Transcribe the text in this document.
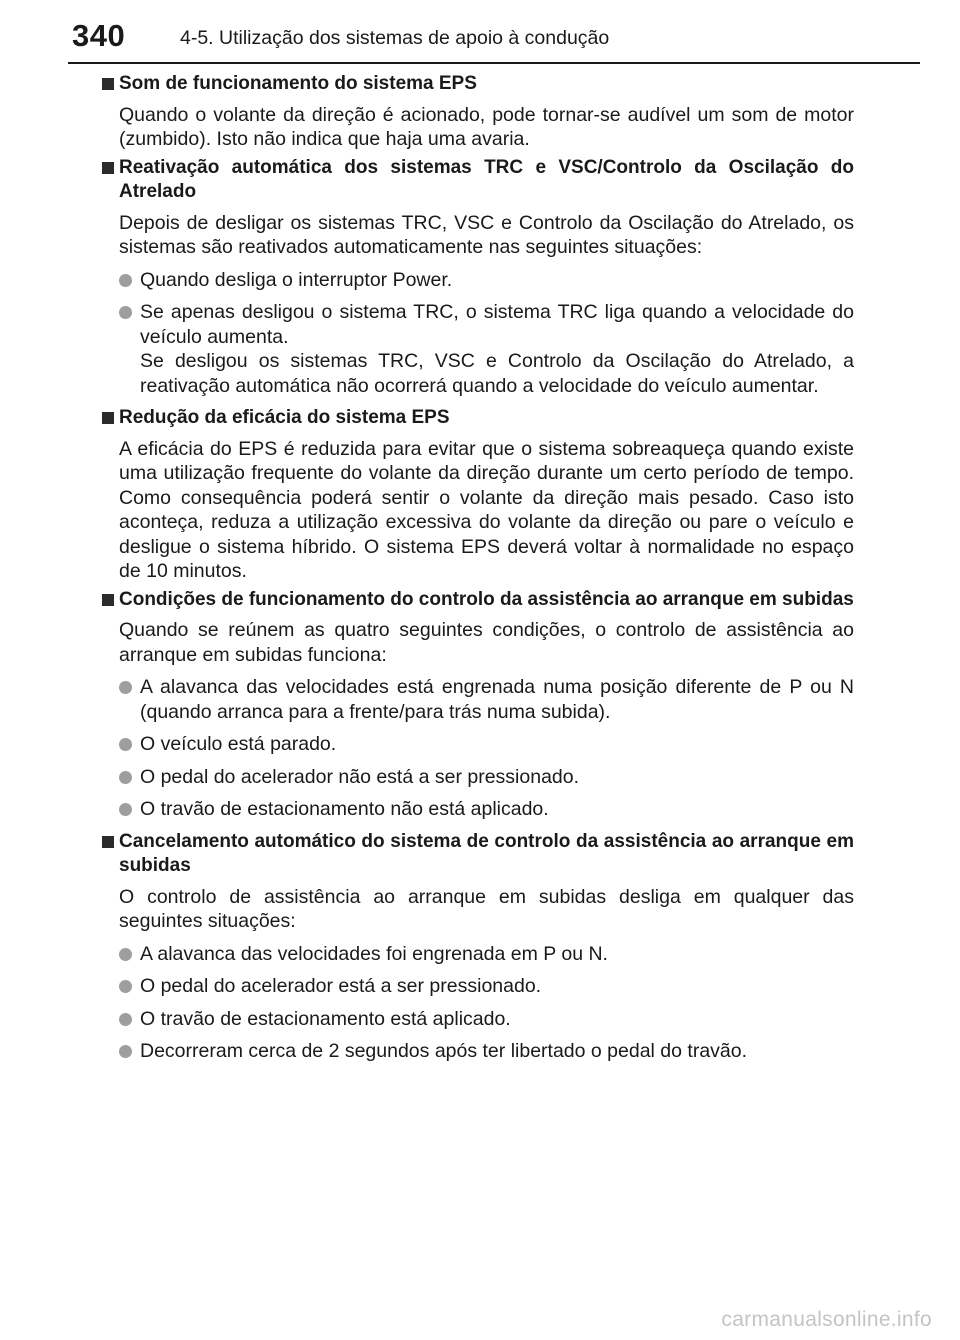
340	4-5. Utilização dos sistemas de apoio à condução
Som de funcionamento do sistema EPS
Quando o volante da direção é acionado, pode tornar-se audível um som de motor (zumbido). Isto não indica que haja uma avaria.
Reativação automática dos sistemas TRC e VSC/Controlo da Oscilação do Atrelado
Depois de desligar os sistemas TRC, VSC e Controlo da Oscilação do Atrelado, os sistemas são reativados automaticamente nas seguintes situações:
Quando desliga o interruptor Power.
Se apenas desligou o sistema TRC, o sistema TRC liga quando a velocidade do veículo aumenta.
Se desligou os sistemas TRC, VSC e Controlo da Oscilação do Atrelado, a reativação automática não ocorrerá quando a velocidade do veículo aumentar.
Redução da eficácia do sistema EPS
A eficácia do EPS é reduzida para evitar que o sistema sobreaqueça quando existe uma utilização frequente do volante da direção durante um certo período de tempo. Como consequência poderá sentir o volante da direção mais pesado. Caso isto aconteça, reduza a utilização excessiva do volante da direção ou pare o veículo e desligue o sistema híbrido. O sistema EPS deverá voltar à normalidade no espaço de 10 minutos.
Condições de funcionamento do controlo da assistência ao arranque em subidas
Quando se reúnem as quatro seguintes condições, o controlo de assistência ao arranque em subidas funciona:
A alavanca das velocidades está engrenada numa posição diferente de P ou N (quando arranca para a frente/para trás numa subida).
O veículo está parado.
O pedal do acelerador não está a ser pressionado.
O travão de estacionamento não está aplicado.
Cancelamento automático do sistema de controlo da assistência ao arranque em subidas
O controlo de assistência ao arranque em subidas desliga em qualquer das seguintes situações:
A alavanca das velocidades foi engrenada em P ou N.
O pedal do acelerador está a ser pressionado.
O travão de estacionamento está aplicado.
Decorreram cerca de 2 segundos após ter libertado o pedal do travão.
carmanualsonline.info
